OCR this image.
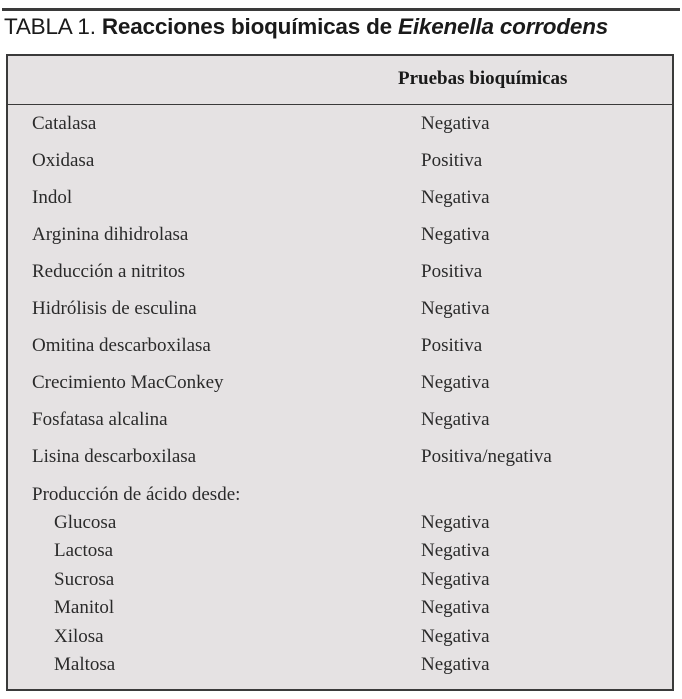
TABLA 1. Reacciones bioquímicas de Eikenella corrodens
Pruebas bioquímicas
Catalasa	Negativa
Oxidasa	Positiva
Indol	Negativa
Arginina dihidrolasa	Negativa
Reducción a nitritos	Positiva
Hidrólisis de esculina	Negativa
Omitina descarboxilasa	Positiva
Crecimiento MacConkey	Negativa
Fosfatasa alcalina	Negativa
Lisina descarboxilasa	Positiva/negativa
Producción de ácido desde:
Glucosa	Negativa
Lactosa	Negativa
Sucrosa	Negativa
Manitol	Negativa
Xilosa	Negativa
Maltosa	Negativa
